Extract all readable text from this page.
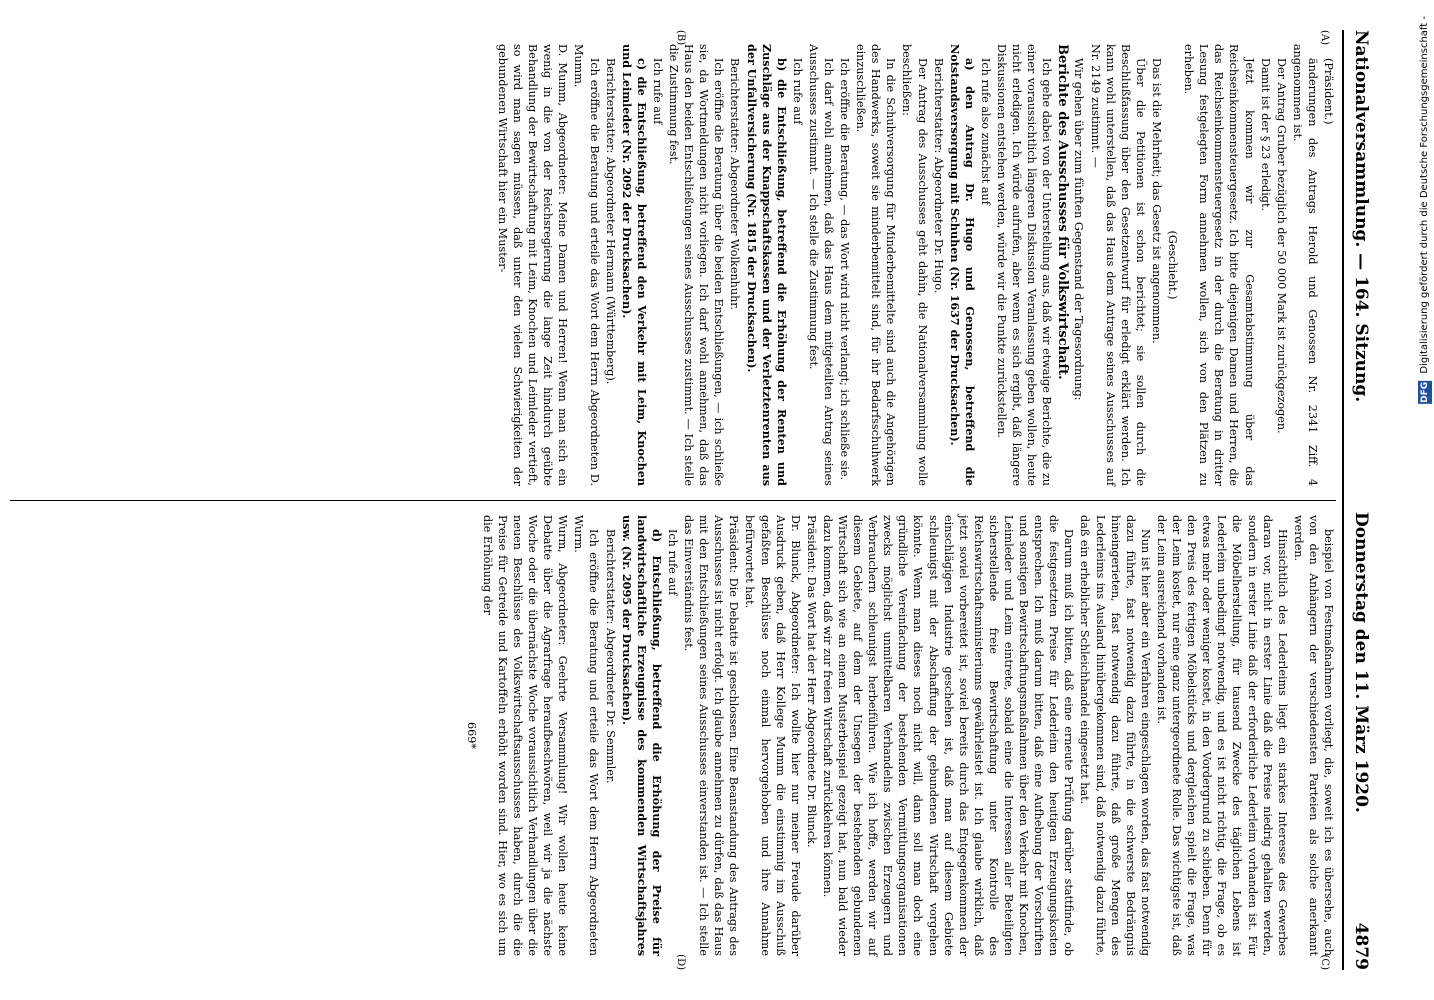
Nationalversammlung. — 164. Sitzung.
Donnerstag den 11. März 1920.
4879
(A)
(B)

(Präsident.)

änderungen des Antrags Herold und Genossen Nr. 2341 Ziff. 4 angenommen ist.

Der Antrag Gruber bezüglich der 50 000 Mark ist zurückgezogen.

Damit ist der § 23 erledigt.

Jetzt kommen wir zur Gesamtabstimmung über das Reichseinkommensteuergesetz. Ich bitte diejenigen Damen und Herren, die das Reichseinkommensteuergesetz in der durch die Beratung in dritter Lesung festgelegten Form annehmen wollen, sich von den Plätzen zu erheben.

(Geschieht.)

Das ist die Mehrheit; das Gesetz ist angenommen.

Über die Petitionen ist schon berichtet; sie sollen durch die Beschlußfassung über den Gesetzentwurf für erledigt erklärt werden. Ich kann wohl unterstellen, daß das Haus dem Antrage seines Ausschusses auf Nr. 2149 zustimmt. —

Wir gehen über zum fünften Gegenstand der Tagesordnung:

Berichte des Ausschusses für Volkswirtschaft.

Ich gehe dabei von der Unterstellung aus, daß wir etwaige Berichte, die zu einer voraussichtlich längeren Diskussion Veranlassung geben wollen, heute nicht erledigen. Ich würde aufrufen, aber wenn es sich ergibt, daß längere Diskussionen entstehen werden, würde wir die Punkte zurückstellen.

Ich rufe also zunächst auf

a) den Antrag Dr. Hugo und Genossen, betreffend die Notstandsversorgung mit Schuhen (Nr. 1637 der Drucksachen).

Berichterstatter: Abgeordneter Dr. Hugo.

Der Antrag des Ausschusses geht dahin, die Nationalversammlung wolle beschließen:

In die Schuhversorgung für Minderbemittelte sind auch die Angehörigen des Handwerks, soweit sie minderbemittelt sind, für ihr Bedarfsschuhwerk einzuschließen.

Ich eröffne die Beratung, — das Wort wird nicht verlangt; ich schließe sie.

Ich darf wohl annehmen, daß das Haus dem mitgeteilten Antrag seines Ausschusses zustimmt. — Ich stelle die Zustimmung fest.

Ich rufe auf

b) die Entschließung, betreffend die Erhöhung der Renten und Zuschläge aus der Knappschaftskassen und der Verletztenrenten aus der Unfallversicherung (Nr. 1815 der Drucksachen).

Berichterstatter: Abgeordneter Wolkenhuhr.

Ich eröffne die Beratung über die beiden Entschließungen, — ich schließe sie, da Wortmeldungen nicht vorliegen. Ich darf wohl annehmen, daß das Haus den beiden Entschließungen seines Ausschusses zustimmt. — Ich stelle die Zustimmung fest.

Ich rufe auf

c) die Entschließung, betreffend den Verkehr mit Leim, Knochen und Leimleder (Nr. 2092 der Drucksachen).

Berichterstatter: Abgeordneter Hermann (Württemberg).

Ich eröffne die Beratung und erteile das Wort dem Herrn Abgeordneten D. Mumm.

D. Mumm, Abgeordneter: Meine Damen und Herren! Wenn man sich ein wenig in die von der Reichsregierung die lange Zeit hindurch geübte Behandlung der Bewirtschaftung mit Leim, Knochen und Leimleder vertieft, so wird man sagen müssen, daß unter den vielen Schwierigkeiten der gebundenen Wirtschaft hier ein Muster-

(C)
(D)

beispiel von Festmaßnahmen vorliegt, die, soweit ich es übersehe, auch von den Anhängern der verschiedensten Parteien als solche anerkannt werden.

Hinsichtlich des Lederleims liegt ein starkes Interesse des Gewerbes daran vor, nicht in erster Linie daß die Preise niedrig gehalten werden, sondern in erster Linie daß der erforderliche Lederleim vorhanden ist. Für die Möbelherstellung, für tausend Zwecke des täglichen Lebens ist Lederleim unbedingt notwendig, und es ist nicht richtig, die Frage, ob es etwas mehr oder weniger kostet, in den Vordergrund zu schieben. Denn für den Preis des fertigen Möbelstücks und dergleichen spielt die Frage, was der Leim kostet, nur eine ganz untergeordnete Rolle. Das wichtigste ist, daß der Leim ausreichend vorhanden ist.

Nun ist hier aber ein Verfahren eingeschlagen worden, das fast notwendig dazu führte, fast notwendig dazu führte, in die schwerste Bedrängnis hineingerieten, fast notwendig dazu führte, daß große Mengen des Lederleims ins Ausland hinübergekommen sind, daß notwendig dazu führte, daß ein erheblicher Schleichhandel eingesetzt hat.

Darum muß ich bitten, daß eine erneute Prüfung darüber stattfinde, ob die festgesetzten Preise für Lederleim den heutigen Erzeugungskosten entsprechen. Ich muß darum bitten, daß eine Aufhebung der Vorschriften und sonstigen Bewirtschaftungsmaßnahmen über den Verkehr mit Knochen, Leimleder und Leim eintrete, sobald eine die Interessen aller Beteiligten sicherstellende freie Bewirtschaftung unter Kontrolle des Reichswirtschaftsministeriums gewährleistet ist. Ich glaube wirklich, daß jetzt soviel vorbereitet ist, soviel bereits durch das Entgegenkommen der einschlägigen Industrie geschehen ist, daß man auf diesem Gebiete schleunigst mit der Abschaffung der gebundenen Wirtschaft vorgehen könnte. Wenn man dieses noch nicht will, dann soll man doch eine gründliche Vereinfachung der bestehenden Vermittlungsorganisationen zwecks möglichst unmittelbaren Verhandelns zwischen Erzeugern und Verbrauchern schleunigst herbeiführen. Wie ich hoffe, werden wir auf diesem Gebiete, auf dem der Unsegen der bestehenden gebundenen Wirtschaft sich wie an einem Musterbeispiel gezeigt hat, nun bald wieder dazu kommen, daß wir zur freien Wirtschaft zurückkehren können.

Präsident: Das Wort hat der Herr Abgeordnete Dr. Blunck.

Dr. Blunck, Abgeordneter: Ich wollte hier nur meiner Freude darüber Ausdruck geben, daß Herr Kollege Mumm die einstimmig im Ausschuß gefaßten Beschlüsse noch einmal hervorgehoben und ihre Annahme befürwortet hat.

Präsident: Die Debatte ist geschlossen. Eine Beanstandung des Antrags des Ausschusses ist nicht erfolgt. Ich glaube annehmen zu dürfen, daß das Haus mit den Entschließungen seines Ausschusses einverstanden ist. — Ich stelle das Einverständnis fest.

Ich rufe auf

d) Entschließung, betreffend die Erhöhung der Preise für landwirtschaftliche Erzeugnisse des kommenden Wirtschaftsjahres usw. (Nr. 2095 der Drucksachen).

Berichterstatter: Abgeordneter Dr. Semmler.

Ich eröffne die Beratung und erteile das Wort dem Herrn Abgeordneten Wurm.

Wurm, Abgeordneter: Geehrte Versammlung! Wir wollen heute keine Debatte über die Agrarfrage heraufbeschwören, weil wir ja die nächste Woche oder die übernächste Woche voraussichtlich Verhandlungen über die neuen Beschlüsse des Volkswirtschaftsausschusses haben, durch die die Preise für Getreide und Kartoffeln erhöht worden sind. Hier, wo es sich um die Erhöhung der

669*

DFG Digitalisierung gefördert durch die Deutsche Forschungsgemeinschaft -
